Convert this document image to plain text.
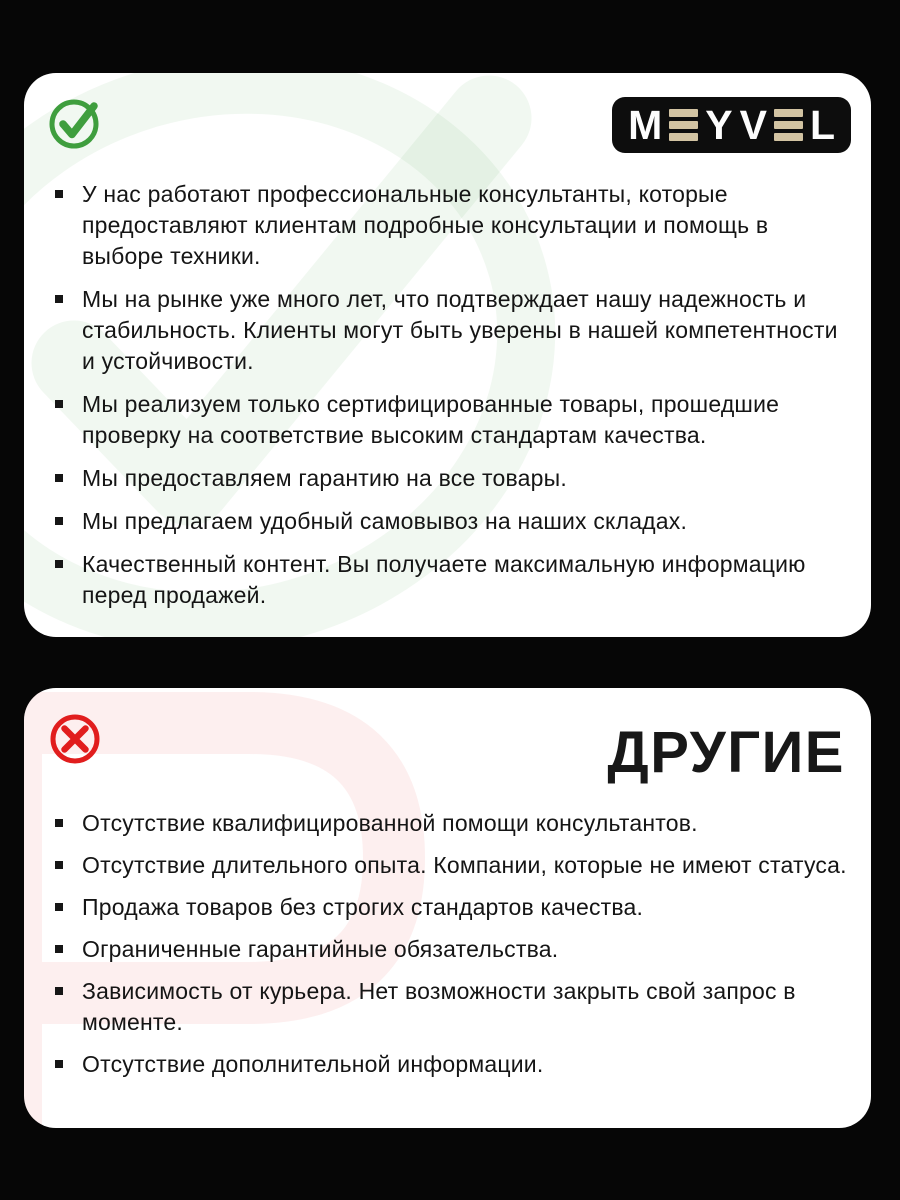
M Y V L
У нас работают профессиональные консультанты, которые предоставляют клиентам подробные консультации и помощь в выборе техники.
Мы на рынке уже много лет, что подтверждает нашу надежность и стабильность. Клиенты могут быть уверены в нашей компетентности и устойчивости.
Мы реализуем только сертифицированные товары, прошедшие проверку на соответствие высоким стандартам качества.
Мы предоставляем гарантию на все товары.
Мы предлагаем удобный самовывоз на наших складах.
Качественный контент. Вы получаете максимальную информацию перед продажей.
ДРУГИЕ
Отсутствие квалифицированной помощи консультантов.
Отсутствие длительного опыта. Компании, которые не имеют статуса.
Продажа товаров без строгих стандартов качества.
Ограниченные гарантийные обязательства.
Зависимость от курьера. Нет возможности закрыть свой запрос в моменте.
Отсутствие дополнительной информации.
